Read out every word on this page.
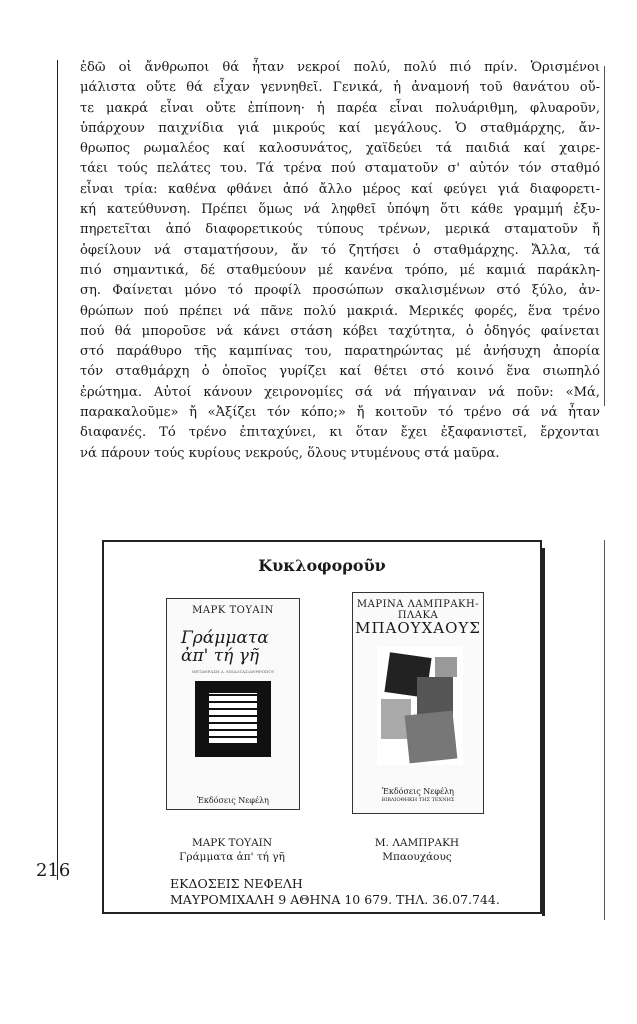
ἐδῶ οἱ ἄνθρωποι θά ἦταν νεκροί πολύ, πολύ πιό πρίν. Ὁρισμένοι
μάλιστα οὔτε θά εἶχαν γεννηθεῖ. Γενικά, ἡ ἀναμονή τοῦ θανάτου οὔ-
τε μακρά εἶναι οὔτε ἐπίπονη· ἡ παρέα εἶναι πολυάριθμη, φλυαροῦν,
ὑπάρχουν παιχνίδια γιά μικρούς καί μεγάλους. Ὁ σταθμάρχης, ἄν-
θρωπος ρωμαλέος καί καλοσυνάτος, χαϊδεύει τά παιδιά καί χαιρε-
τάει τούς πελάτες του. Τά τρένα πού σταματοῦν σ' αὐτόν τόν σταθμό
εἶναι τρία: καθένα φθάνει ἀπό ἄλλο μέρος καί φεύγει γιά διαφορετι-
κή κατεύθυνση. Πρέπει ὅμως νά ληφθεῖ ὑπόψη ὅτι κάθε γραμμή ἐξυ-
πηρετεῖται ἀπό διαφορετικούς τύπους τρένων, μερικά σταματοῦν ἤ
ὀφείλουν νά σταματήσουν, ἄν τό ζητήσει ὁ σταθμάρχης. Ἄλλα, τά
πιό σημαντικά, δέ σταθμεύουν μέ κανένα τρόπο, μέ καμιά παράκλη-
ση. Φαίνεται μόνο τό προφίλ προσώπων σκαλισμένων στό ξύλο, ἀν-
θρώπων πού πρέπει νά πᾶνε πολύ μακριά. Μερικές φορές, ἕνα τρένο
πού θά μποροῦσε νά κάνει στάση κόβει ταχύτητα, ὁ ὁδηγός φαίνεται
στό παράθυρο τῆς καμπίνας του, παρατηρώντας μέ ἀνήσυχη ἀπορία
τόν σταθμάρχη ὁ ὁποῖος γυρίζει καί θέτει στό κοινό ἕνα σιωπηλό
ἐρώτημα. Αὐτοί κάνουν χειρονομίες σά νά πήγαιναν νά ποῦν: «Μά,
παρακαλοῦμε» ἤ «Ἀξίζει τόν κόπο;» ἤ κοιτοῦν τό τρένο σά νά ἦταν
διαφανές. Τό τρένο ἐπιταχύνει, κι ὅταν ἔχει ἐξαφανιστεῖ, ἔρχονται
νά πάρουν τούς κυρίους νεκρούς, ὅλους ντυμένους στά μαῦρα.

216
Κυκλοφοροῦν
ΜΑΡΚ ΤΟΥΑΙΝ
Γράμματα
ἀπ' τή γῆ
ΜΕΤΑΦΡΑΣΗ Α. ΜΠΑΛΤΑΣ/ΑΝΘΡΩΠΟΥ
Ἐκδόσεις Νεφέλη
ΜΑΡΙΝΑ ΛΑΜΠΡΑΚΗ-ΠΛΑΚΑ
ΜΠΑΟΥΧΑΟΥΣ
Ἐκδόσεις Νεφέλη
ΒΙΒΛΙΟΘΗΚΗ ΤΗΣ ΤΕΧΝΗΣ
ΜΑΡΚ ΤΟΥΑΙΝ
Γράμματα ἀπ' τή γῆ
Μ. ΛΑΜΠΡΑΚΗ
Μπαουχάους
ΕΚΔΟΣΕΙΣ ΝΕΦΕΛΗ
ΜΑΥΡΟΜΙΧΑΛΗ 9 ΑΘΗΝΑ 10 679. ΤΗΛ. 36.07.744.
